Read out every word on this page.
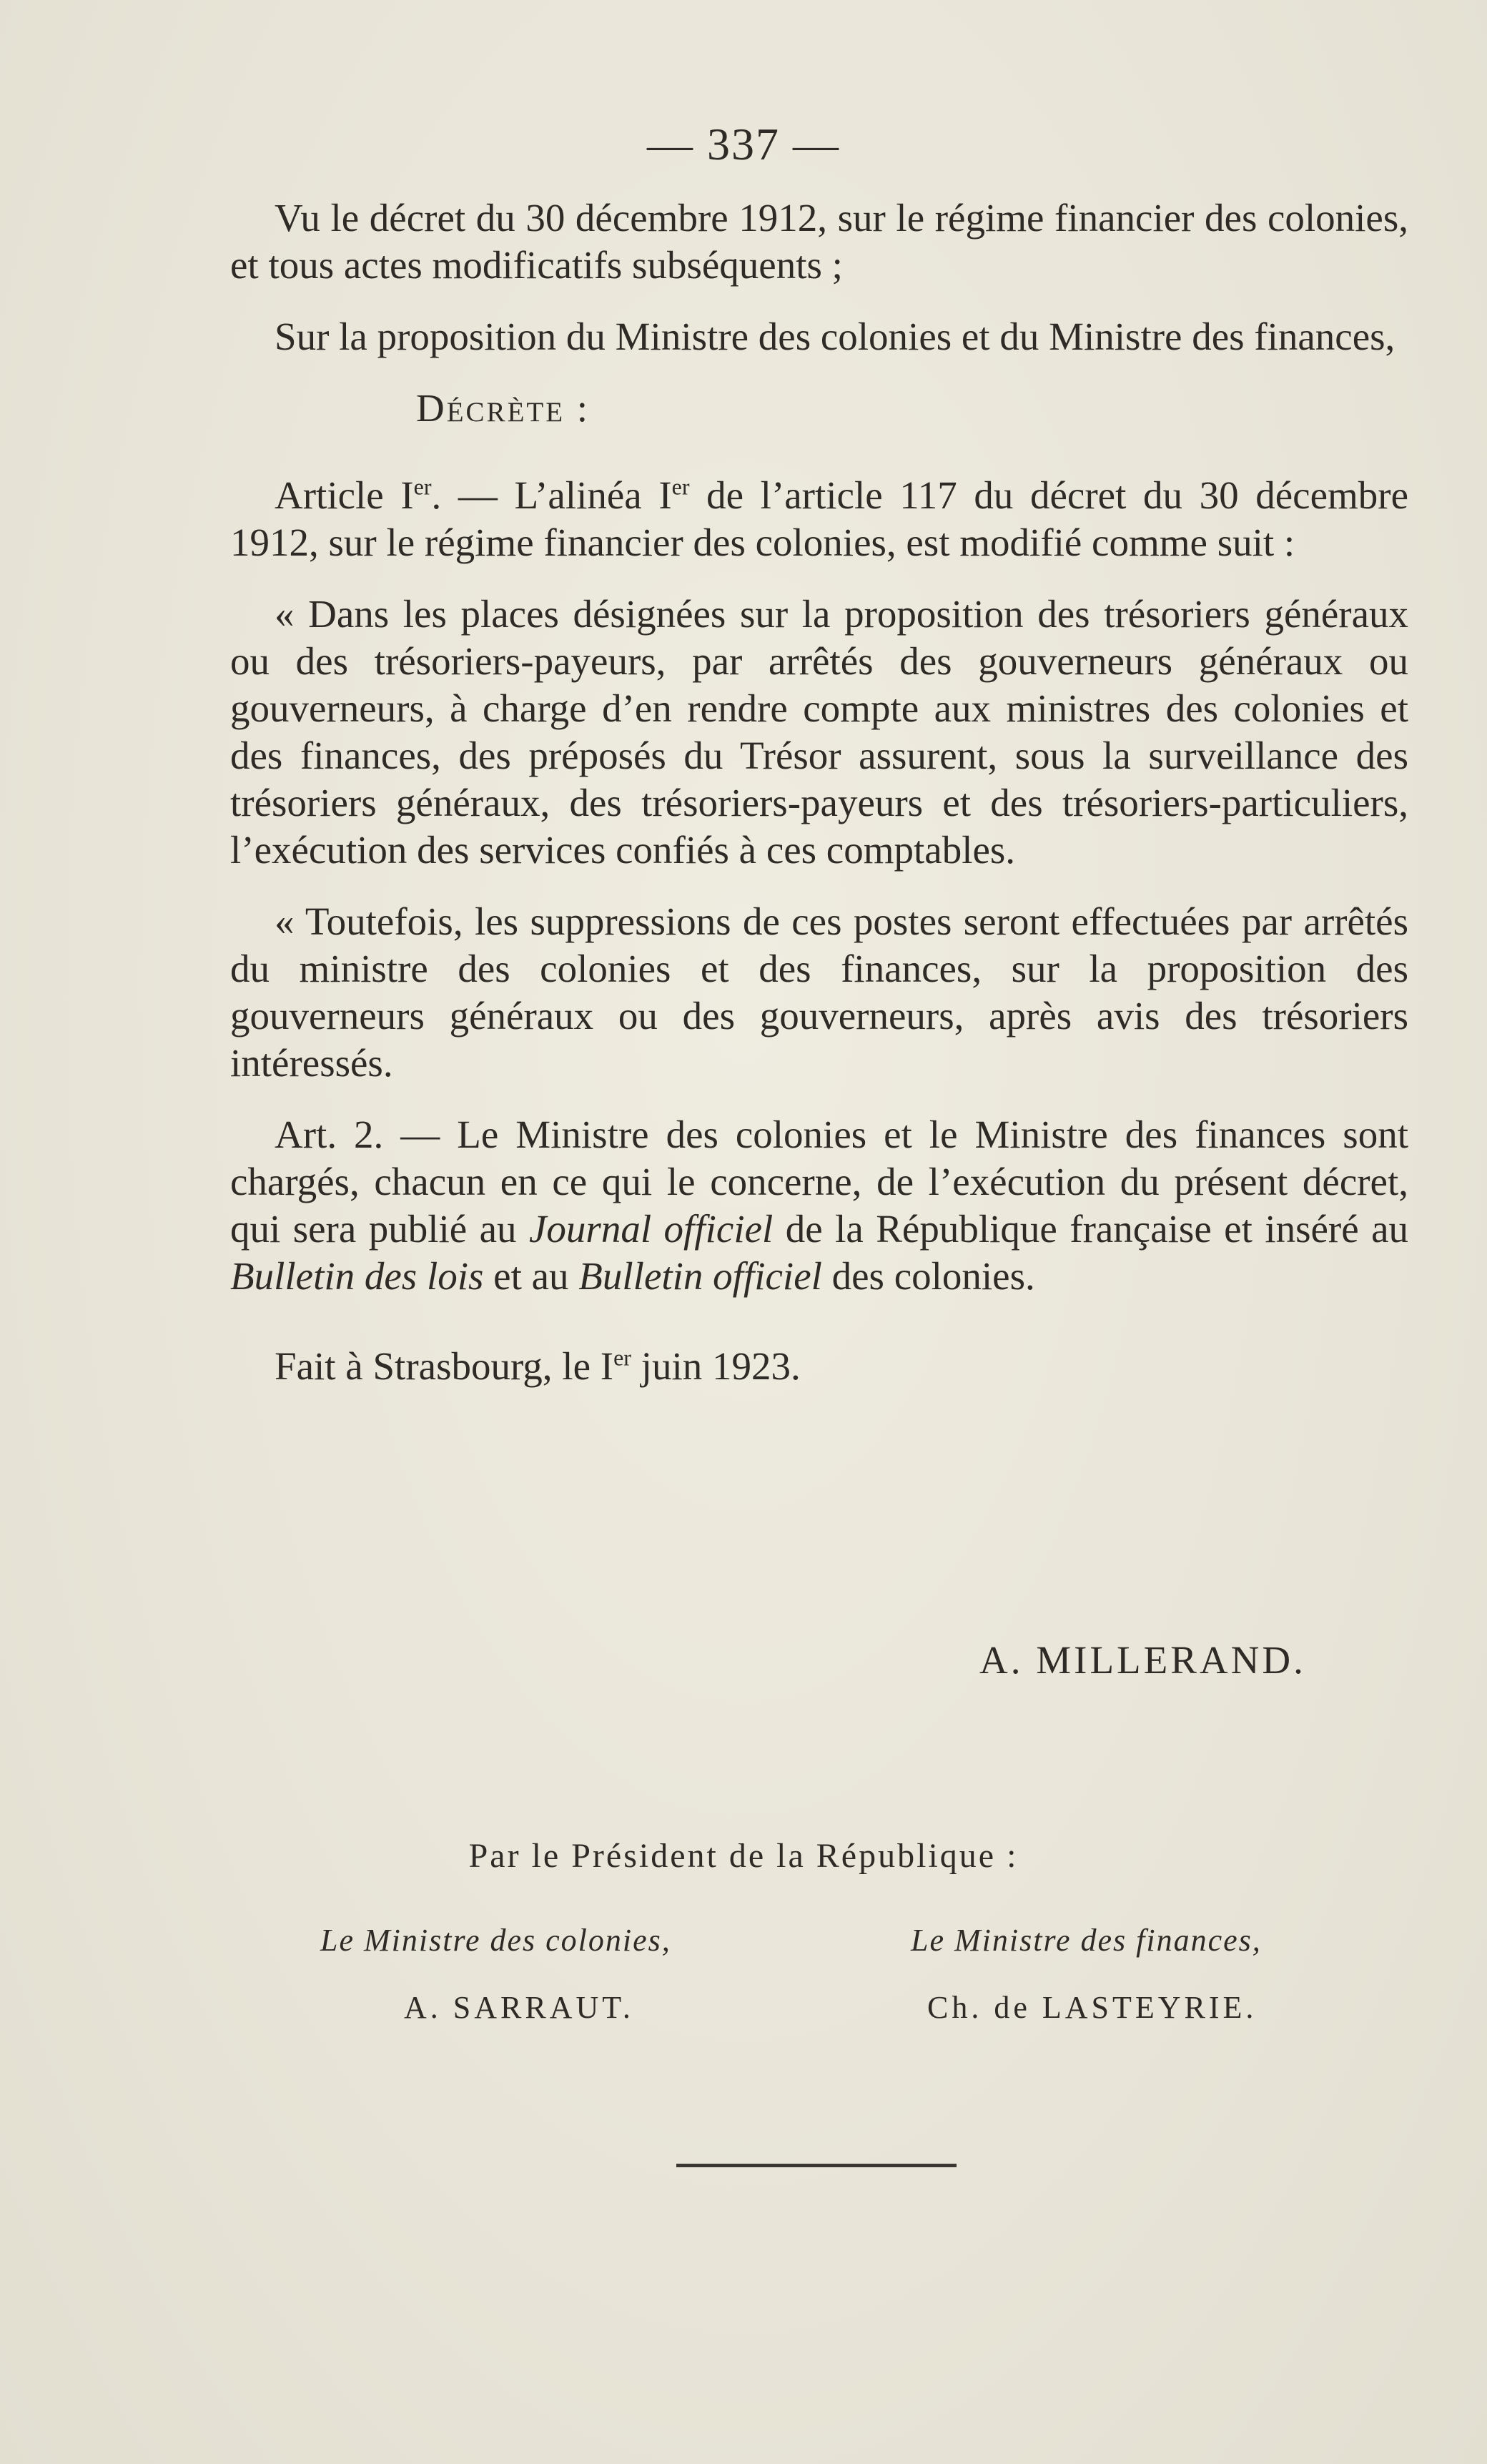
— 337 —

Vu le décret du 30 décembre 1912, sur le régime financier des colonies, et tous actes modificatifs subséquents ;

Sur la proposition du Ministre des colonies et du Ministre des finances,

Décrète :

Article Ier. — L’alinéa Ier de l’article 117 du décret du 30 décembre 1912, sur le régime financier des colonies, est modifié comme suit :

« Dans les places désignées sur la proposition des trésoriers généraux ou des trésoriers-payeurs, par arrêtés des gouverneurs généraux ou gouverneurs, à charge d’en rendre compte aux ministres des colonies et des finances, des préposés du Trésor assurent, sous la surveillance des trésoriers généraux, des trésoriers-payeurs et des trésoriers-particuliers, l’exécution des services confiés à ces comptables.

« Toutefois, les suppressions de ces postes seront effectuées par arrêtés du ministre des colonies et des finances, sur la proposition des gouverneurs généraux ou des gouverneurs, après avis des trésoriers intéressés.

Art. 2. — Le Ministre des colonies et le Ministre des finances sont chargés, chacun en ce qui le concerne, de l’exécution du présent décret, qui sera publié au Journal officiel de la République française et inséré au Bulletin des lois et au Bulletin officiel des colonies.

Fait à Strasbourg, le Ier juin 1923.

A. MILLERAND.
Par le Président de la République :
Le Ministre des colonies,	Le Ministre des finances,
A. SARRAUT.	Ch. de LASTEYRIE.
